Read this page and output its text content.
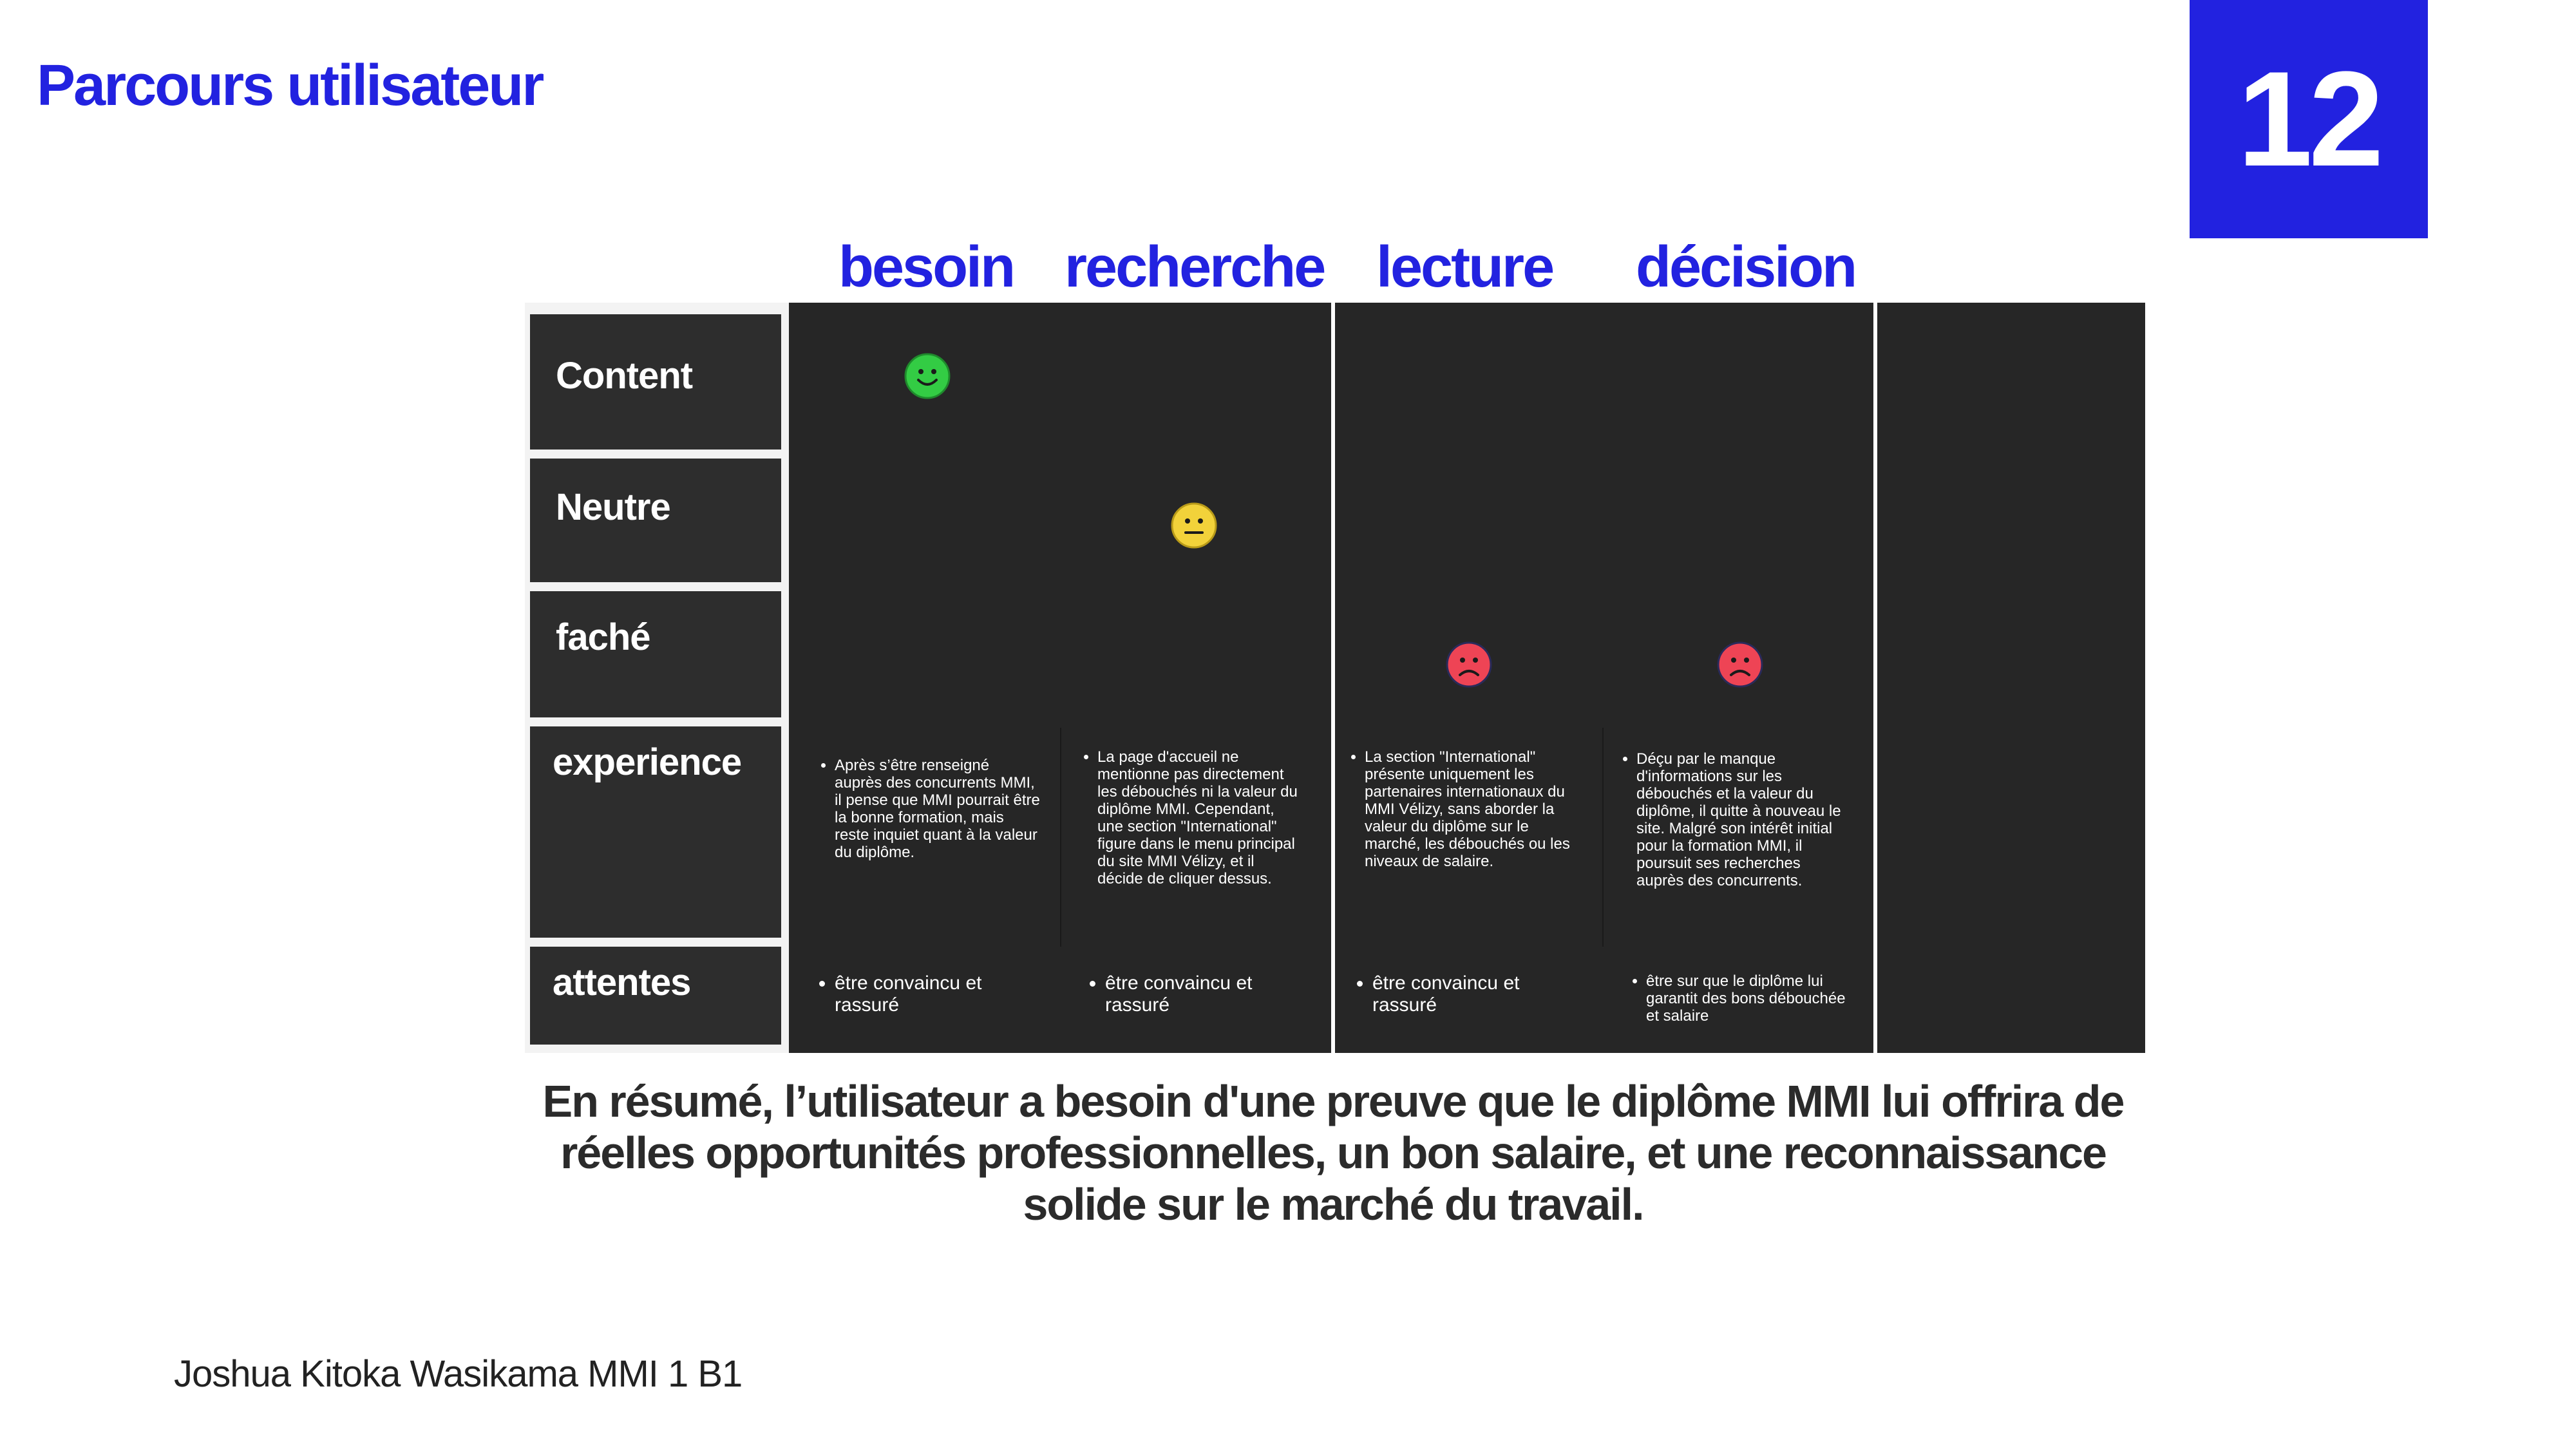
Parcours utilisateur	12
besoin recherche lecture décision
Content
Neutre
faché
experience
attentes
• Après s’être renseigné auprès des concurrents MMI, il pense que MMI pourrait être la bonne formation, mais reste inquiet quant à la valeur du diplôme.
• La page d'accueil ne mentionne pas directement les débouchés ni la valeur du diplôme MMI. Cependant, une section "International" figure dans le menu principal du site MMI Vélizy, et il décide de cliquer dessus.
• La section "International" présente uniquement les partenaires internationaux du MMI Vélizy, sans aborder la valeur du diplôme sur le marché, les débouchés ou les niveaux de salaire.
• Déçu par le manque d'informations sur les débouchés et la valeur du diplôme, il quitte à nouveau le site. Malgré son intérêt initial pour la formation MMI, il poursuit ses recherches auprès des concurrents.
• être convaincu et rassuré
• être convaincu et rassuré
• être convaincu et rassuré
• être sur que le diplôme lui garantit des bons débouchée et salaire
En résumé, l’utilisateur a besoin d'une preuve que le diplôme MMI lui offrira de réelles opportunités professionnelles, un bon salaire, et une reconnaissance solide sur le marché du travail.
Joshua Kitoka Wasikama MMI 1 B1
